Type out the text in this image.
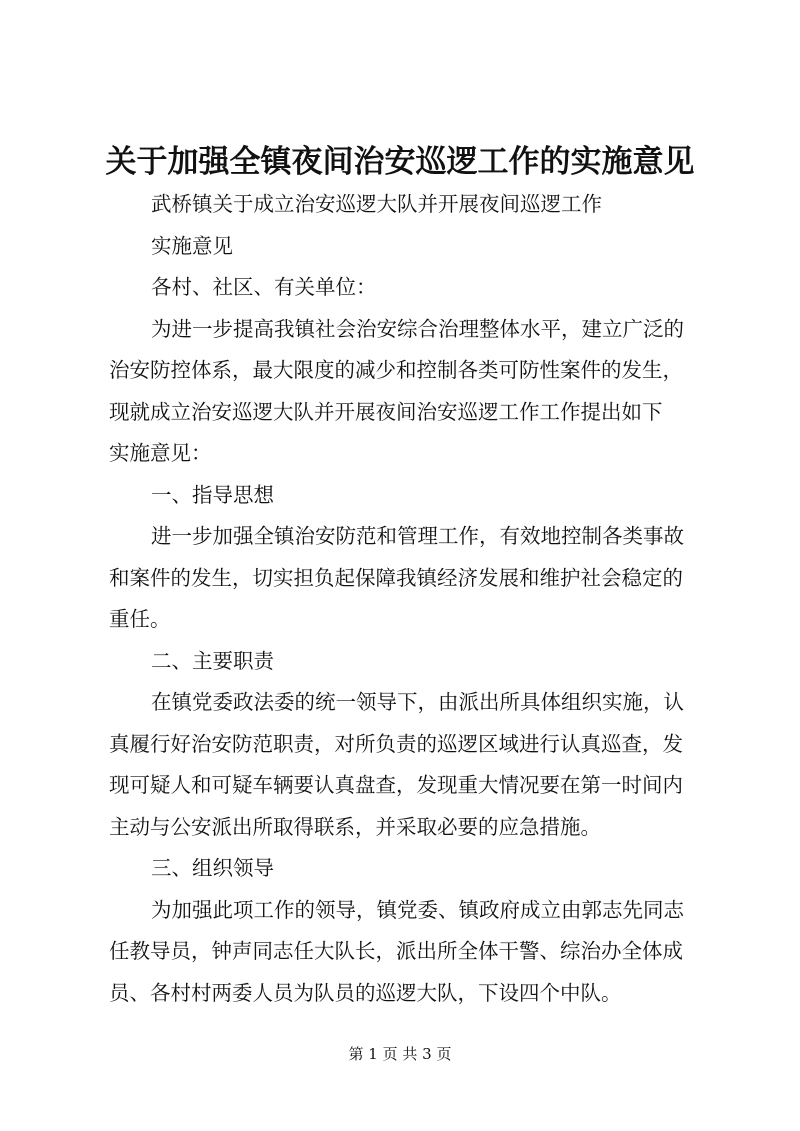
关于加强全镇夜间治安巡逻工作的实施意见

武桥镇关于成立治安巡逻大队并开展夜间巡逻工作

实施意见

各村、社区、有关单位：

为进一步提高我镇社会治安综合治理整体水平，建立广泛的

治安防控体系，最大限度的减少和控制各类可防性案件的发生，
现就成立治安巡逻大队并开展夜间治安巡逻工作工作提出如下
实施意见：

一、指导思想

进一步加强全镇治安防范和管理工作，有效地控制各类事故

和案件的发生，切实担负起保障我镇经济发展和维护社会稳定的
重任。

二、主要职责

在镇党委政法委的统一领导下，由派出所具体组织实施，认

真履行好治安防范职责，对所负责的巡逻区域进行认真巡查，发
现可疑人和可疑车辆要认真盘查，发现重大情况要在第一时间内
主动与公安派出所取得联系，并采取必要的应急措施。

三、组织领导

为加强此项工作的领导，镇党委、镇政府成立由郭志先同志

任教导员，钟声同志任大队长，派出所全体干警、综治办全体成
员、各村村两委人员为队员的巡逻大队，下设四个中队。
第 1 页 共 3 页
